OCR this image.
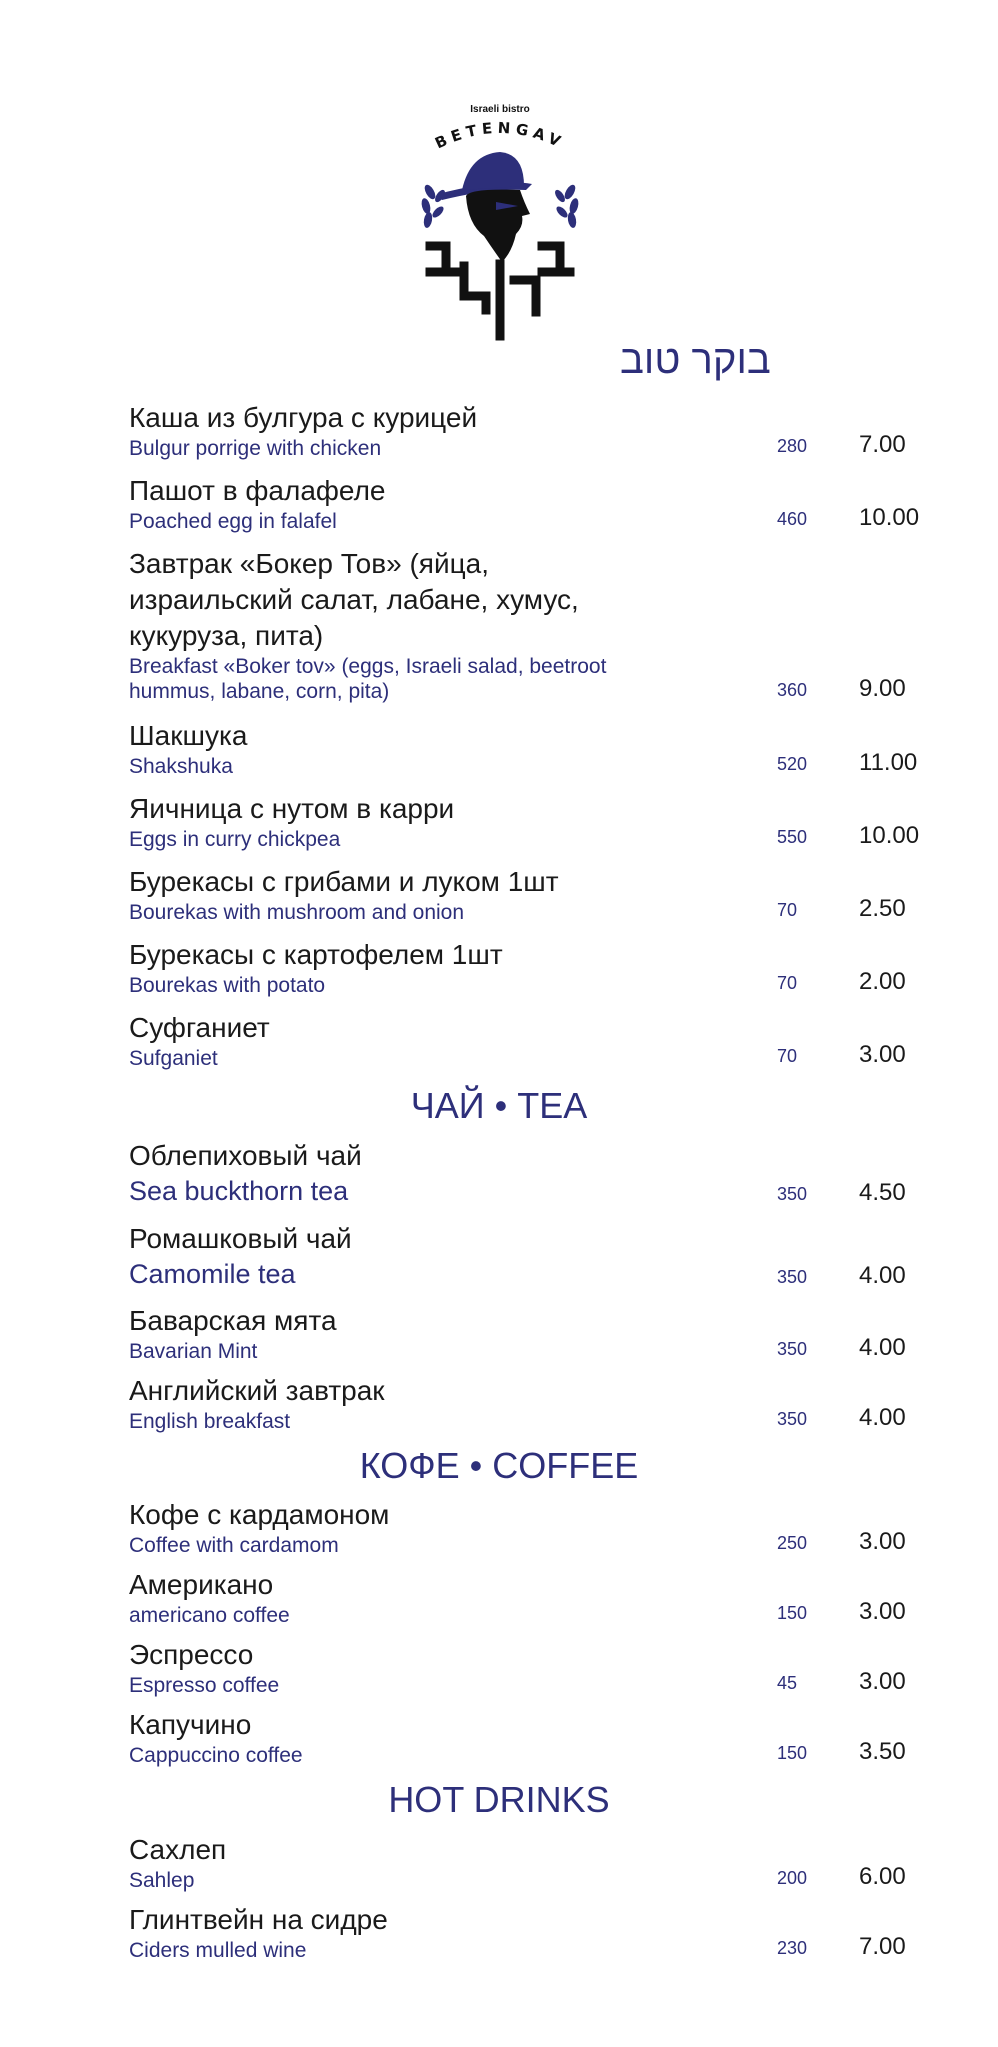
Israeli bistro
BETENGAV
בוקר טוב
Каша из булгура с курицей
Bulgur porrige with chicken	280 7.00
Пашот в фалафеле
Poached egg in falafel	460 10.00
Завтрак «Бокер Тов» (яйца, израильский салат, лабане, хумус, кукуруза, пита)
Breakfast «Boker tov» (eggs, Israeli salad, beetroot hummus, labane, corn, pita)	360 9.00
Шакшука
Shakshuka	520 11.00
Яичница с нутом в карри
Eggs in curry chickpea	550 10.00
Бурекасы с грибами и луком 1шт
Bourekas with mushroom and onion	70	2.50
Бурекасы с картофелем 1шт
Bourekas with potato	70	2.00
Суфганиет
Sufganiet	70	3.00
ЧАЙ • TEA
Облепиховый чай
Sea buckthorn tea	350 4.50
Ромашковый чай
Camomile tea	350 4.00
Баварская мята
Bavarian Mint	350 4.00
Английский завтрак
English breakfast	350 4.00
КОФЕ • COFFEE
Кофе с кардамоном
Coffee with cardamom	250 3.00
Американо
americano coffee	150 3.00
Эспрессо
Espresso coffee	45	3.00
Капучино
Cappuccino coffee	150 3.50
HOT DRINKS
Сахлеп
Sahlep	200 6.00
Глинтвейн на сидре
Ciders mulled wine	230 7.00
